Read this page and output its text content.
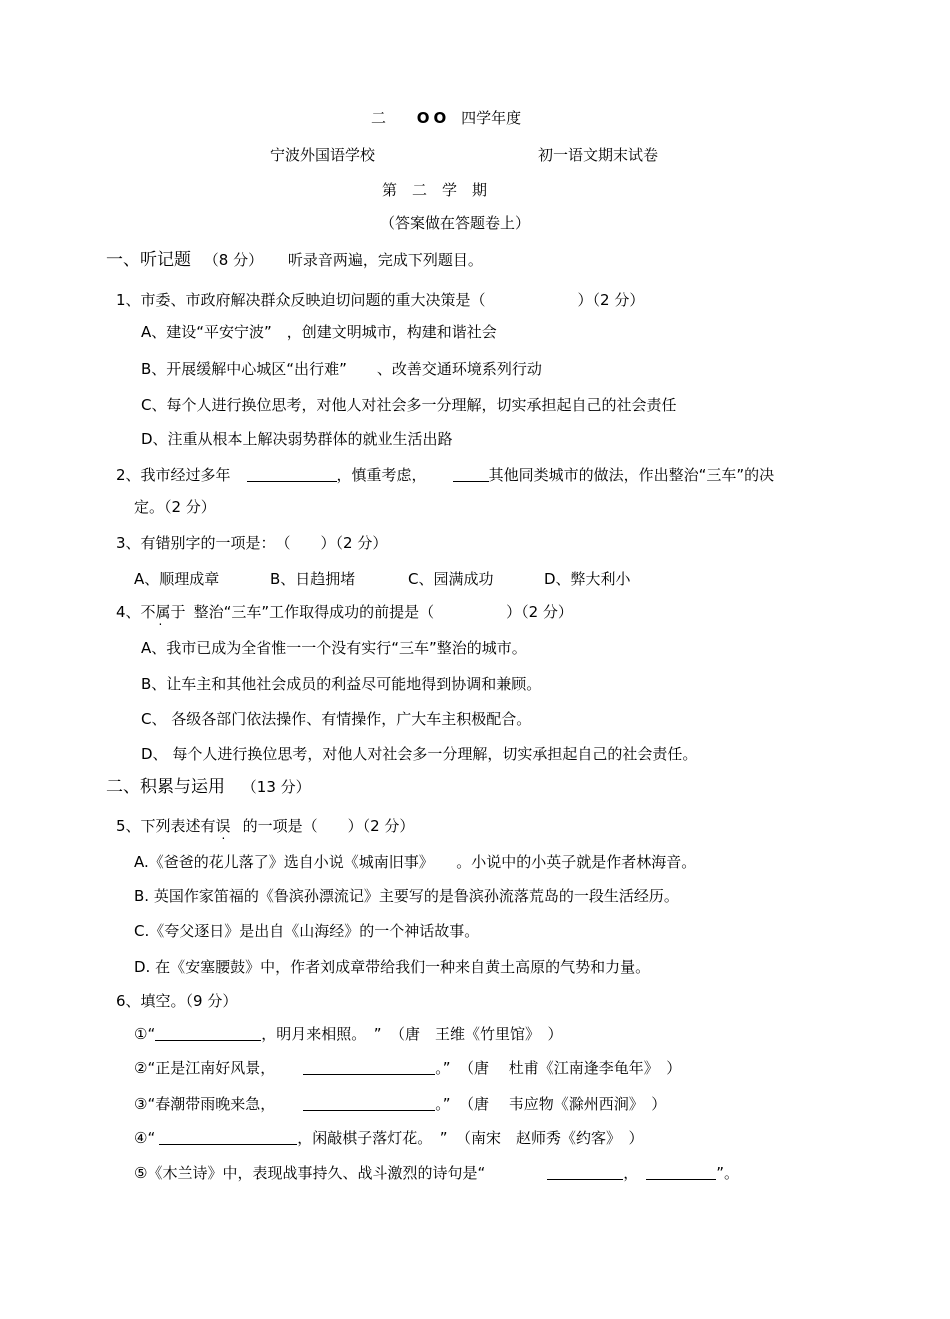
二 OO 四学年度
宁波外国语学校	初一语文期末试卷
第　二　学　期
（答案做在答题卷上）
一、听记题 （8 分） 听录音两遍，完成下列题目。
1、市委、市政府解决群众反映迫切问题的重大决策是（	）（2 分）
A、建设“平安宁波”　，创建文明城市，构建和谐社会
B、开展缓解中心城区“出行难”　　、改善交通环境系列行动
C、每个人进行换位思考，对他人对社会多一分理解，切实承担起自己的社会责任
D、注重从根本上解决弱势群体的就业生活出路
2、我市经过多年	，慎重考虑，	其他同类城市的做法，作出整治“三车”的决
定。（2 分）
3、有错别字的一项是：　（　　）（2 分）
A、顺理成章	B、日趋拥堵	C、园满成功	D、弊大利小
4、不属于 整治“三车”工作取得成功的前提是（	）（2 分）
A、我市已成为全省惟一一个没有实行“三车”整治的城市。
B、让车主和其他社会成员的利益尽可能地得到协调和兼顾。
C、 各级各部门依法操作、有情操作，广大车主积极配合。
D、 每个人进行换位思考，对他人对社会多一分理解，切实承担起自己的社会责任。
二、积累与运用 （13 分）
5、下列表述有误 的一项是（　　）（2 分）
A.《爸爸的花儿落了》选自小说《城南旧事》　　。小说中的小英子就是作者林海音。
B. 英国作家笛福的《鲁滨孙漂流记》主要写的是鲁滨孙流落荒岛的一段生活经历。
C.《夸父逐日》是出自《山海经》的一个神话故事。
D. 在《安塞腰鼓》中，作者刘成章带给我们一种来自黄土高原的气势和力量。
6、填空。（9 分）
①“	，明月来相照。　” （唐　王维《竹里馆》　）
②“正是江南好风景，	。” （唐　 杜甫《江南逢李龟年》　）
③“春潮带雨晚来急，	。” （唐　 韦应物《滁州西涧》　）
④“	，闲敲棋子落灯花。　” （南宋　赵师秀《约客》　）
⑤《木兰诗》中，表现战事持久、战斗激烈的诗句是“	，	”。
